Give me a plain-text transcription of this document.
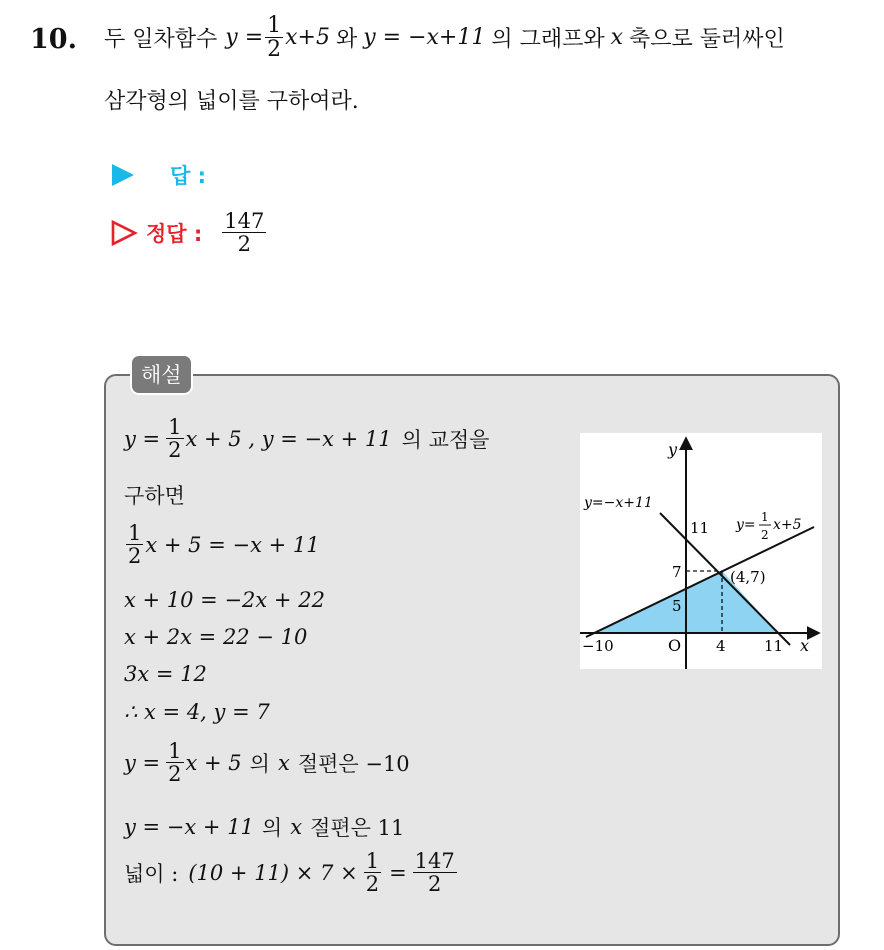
10. 두 일차함수 $y = \frac{1}{2} x+5$ 와 y = −x+11 의 그래프와 x 축으로 둘러싸인
삼각형의 넓이를 구하여라.
답 :
정답 : $\frac{147}{2}$
해설
$y = \frac{1}{2}$ x + 5 , y = −x + 11 의 교점을
구하면
$\frac{1}{2}$ x + 5 = −x + 11
x + 10 = −2x + 22
x + 2x = 22 − 10
3x = 12
∴ x = 4, y = 7
$y = \frac{1}{2}$ x + 5 의 x 절편은 −10
y = −x + 11 의 x 절편은 11
넓이 : $(10 + 11) \times 7 \times \frac{1}{2} = \frac{147}{2}$
y
x
O
y=−x+11
y= 1
2
x+5
11
7
5
(4,7)
−10	4	11
